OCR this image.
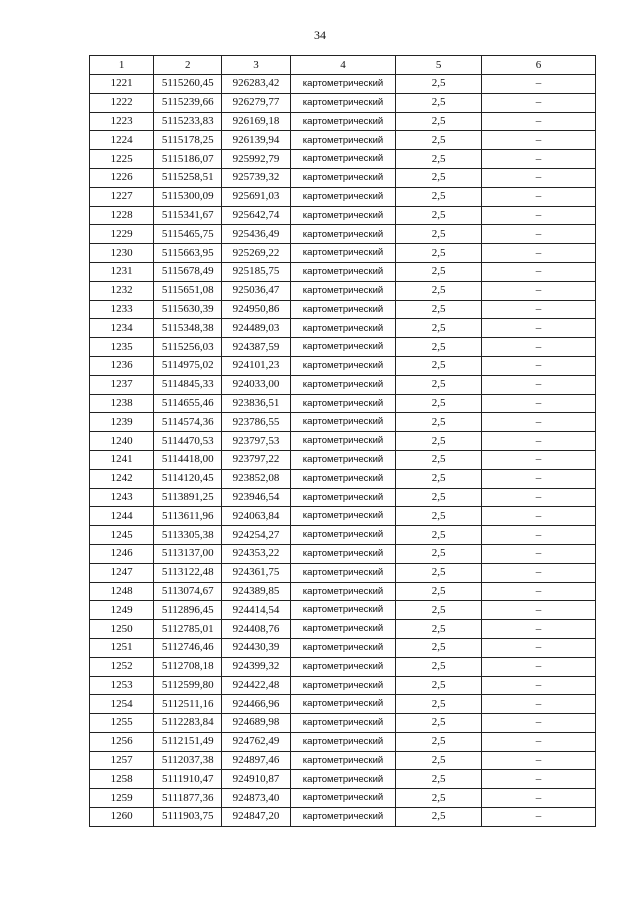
34
1	2	3	4	5	6
1221	5115260,45	926283,42	картометрический	2,5	–
1222	5115239,66	926279,77	картометрический	2,5	–
1223	5115233,83	926169,18	картометрический	2,5	–
1224	5115178,25	926139,94	картометрический	2,5	–
1225	5115186,07	925992,79	картометрический	2,5	–
1226	5115258,51	925739,32	картометрический	2,5	–
1227	5115300,09	925691,03	картометрический	2,5	–
1228	5115341,67	925642,74	картометрический	2,5	–
1229	5115465,75	925436,49	картометрический	2,5	–
1230	5115663,95	925269,22	картометрический	2,5	–
1231	5115678,49	925185,75	картометрический	2,5	–
1232	5115651,08	925036,47	картометрический	2,5	–
1233	5115630,39	924950,86	картометрический	2,5	–
1234	5115348,38	924489,03	картометрический	2,5	–
1235	5115256,03	924387,59	картометрический	2,5	–
1236	5114975,02	924101,23	картометрический	2,5	–
1237	5114845,33	924033,00	картометрический	2,5	–
1238	5114655,46	923836,51	картометрический	2,5	–
1239	5114574,36	923786,55	картометрический	2,5	–
1240	5114470,53	923797,53	картометрический	2,5	–
1241	5114418,00	923797,22	картометрический	2,5	–
1242	5114120,45	923852,08	картометрический	2,5	–
1243	5113891,25	923946,54	картометрический	2,5	–
1244	5113611,96	924063,84	картометрический	2,5	–
1245	5113305,38	924254,27	картометрический	2,5	–
1246	5113137,00	924353,22	картометрический	2,5	–
1247	5113122,48	924361,75	картометрический	2,5	–
1248	5113074,67	924389,85	картометрический	2,5	–
1249	5112896,45	924414,54	картометрический	2,5	–
1250	5112785,01	924408,76	картометрический	2,5	–
1251	5112746,46	924430,39	картометрический	2,5	–
1252	5112708,18	924399,32	картометрический	2,5	–
1253	5112599,80	924422,48	картометрический	2,5	–
1254	5112511,16	924466,96	картометрический	2,5	–
1255	5112283,84	924689,98	картометрический	2,5	–
1256	5112151,49	924762,49	картометрический	2,5	–
1257	5112037,38	924897,46	картометрический	2,5	–
1258	5111910,47	924910,87	картометрический	2,5	–
1259	5111877,36	924873,40	картометрический	2,5	–
1260	5111903,75	924847,20	картометрический	2,5	–
